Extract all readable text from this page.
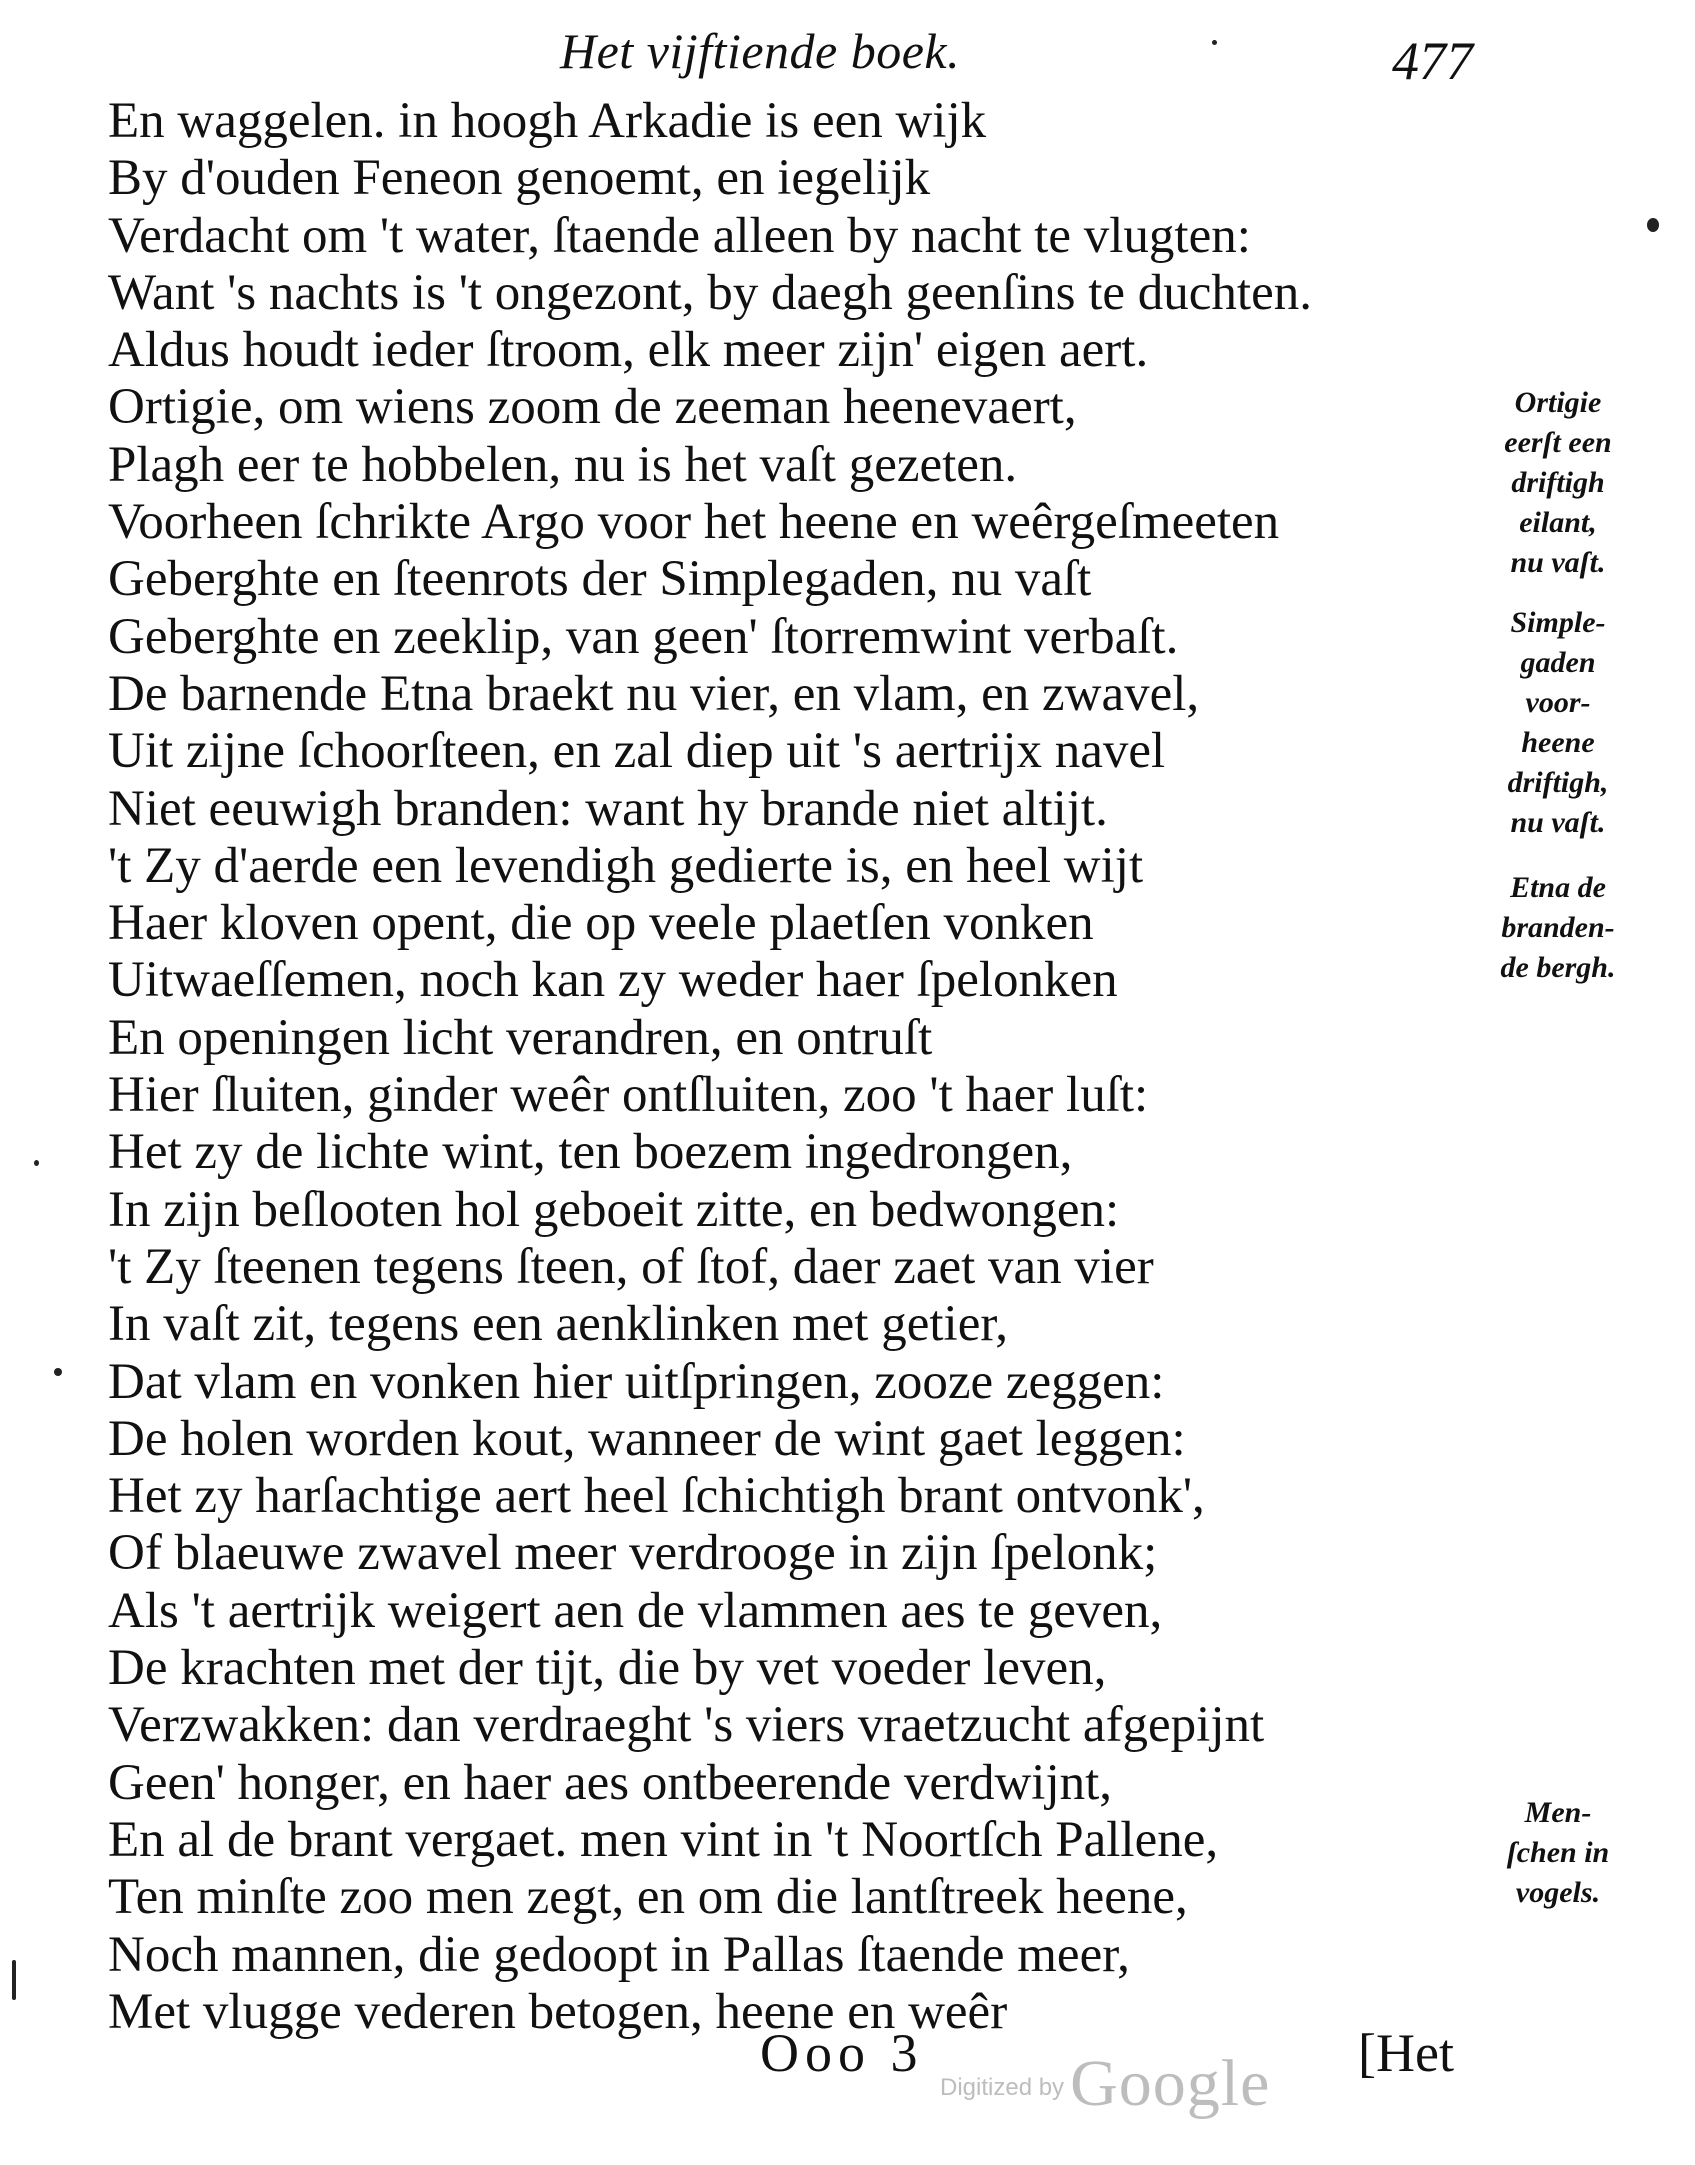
Het vijftiende boek.	477
En waggelen. in hoogh Arkadie is een wijk
By d'ouden Feneon genoemt, en iegelijk
Verdacht om 't water, ſtaende alleen by nacht te vlugten:
Want 's nachts is 't ongezont, by daegh geenſins te duchten.
Aldus houdt ieder ſtroom, elk meer zijn' eigen aert.
Ortigie, om wiens zoom de zeeman heenevaert,
Plagh eer te hobbelen, nu is het vaſt gezeten.
Voorheen ſchrikte Argo voor het heene en weêrgeſmeeten
Geberghte en ſteenrots der Simplegaden, nu vaſt
Geberghte en zeeklip, van geen' ſtorremwint verbaſt.
De barnende Etna braekt nu vier, en vlam, en zwavel,
Uit zijne ſchoorſteen, en zal diep uit 's aertrijx navel
Niet eeuwigh branden: want hy brande niet altijt.
't Zy d'aerde een levendigh gedierte is, en heel wijt
Haer kloven opent, die op veele plaetſen vonken
Uitwaeſſemen, noch kan zy weder haer ſpelonken
En openingen licht verandren, en ontruſt
Hier ſluiten, ginder weêr ontſluiten, zoo 't haer luſt:
Het zy de lichte wint, ten boezem ingedrongen,
In zijn beſlooten hol geboeit zitte, en bedwongen:
't Zy ſteenen tegens ſteen, of ſtof, daer zaet van vier
In vaſt zit, tegens een aenklinken met getier,
Dat vlam en vonken hier uitſpringen, zooze zeggen:
De holen worden kout, wanneer de wint gaet leggen:
Het zy harſachtige aert heel ſchichtigh brant ontvonk',
Of blaeuwe zwavel meer verdrooge in zijn ſpelonk;
Als 't aertrijk weigert aen de vlammen aes te geven,
De krachten met der tijt, die by vet voeder leven,
Verzwakken: dan verdraeght 's viers vraetzucht afgepijnt
Geen' honger, en haer aes ontbeerende verdwijnt,
En al de brant vergaet. men vint in 't Noortſch Pallene,
Ten minſte zoo men zegt, en om die lantſtreek heene,
Noch mannen, die gedoopt in Pallas ſtaende meer,
Met vlugge vederen betogen, heene en weêr
Ortigie
eerſt een
driftigh
eilant,
nu vaſt.
Simple-
gaden
voor-
heene
driftigh,
nu vaſt.
Etna de
branden-
de bergh.
Men-
ſchen in
vogels.
Ooo 3	[Het
Digitized byGoogle
